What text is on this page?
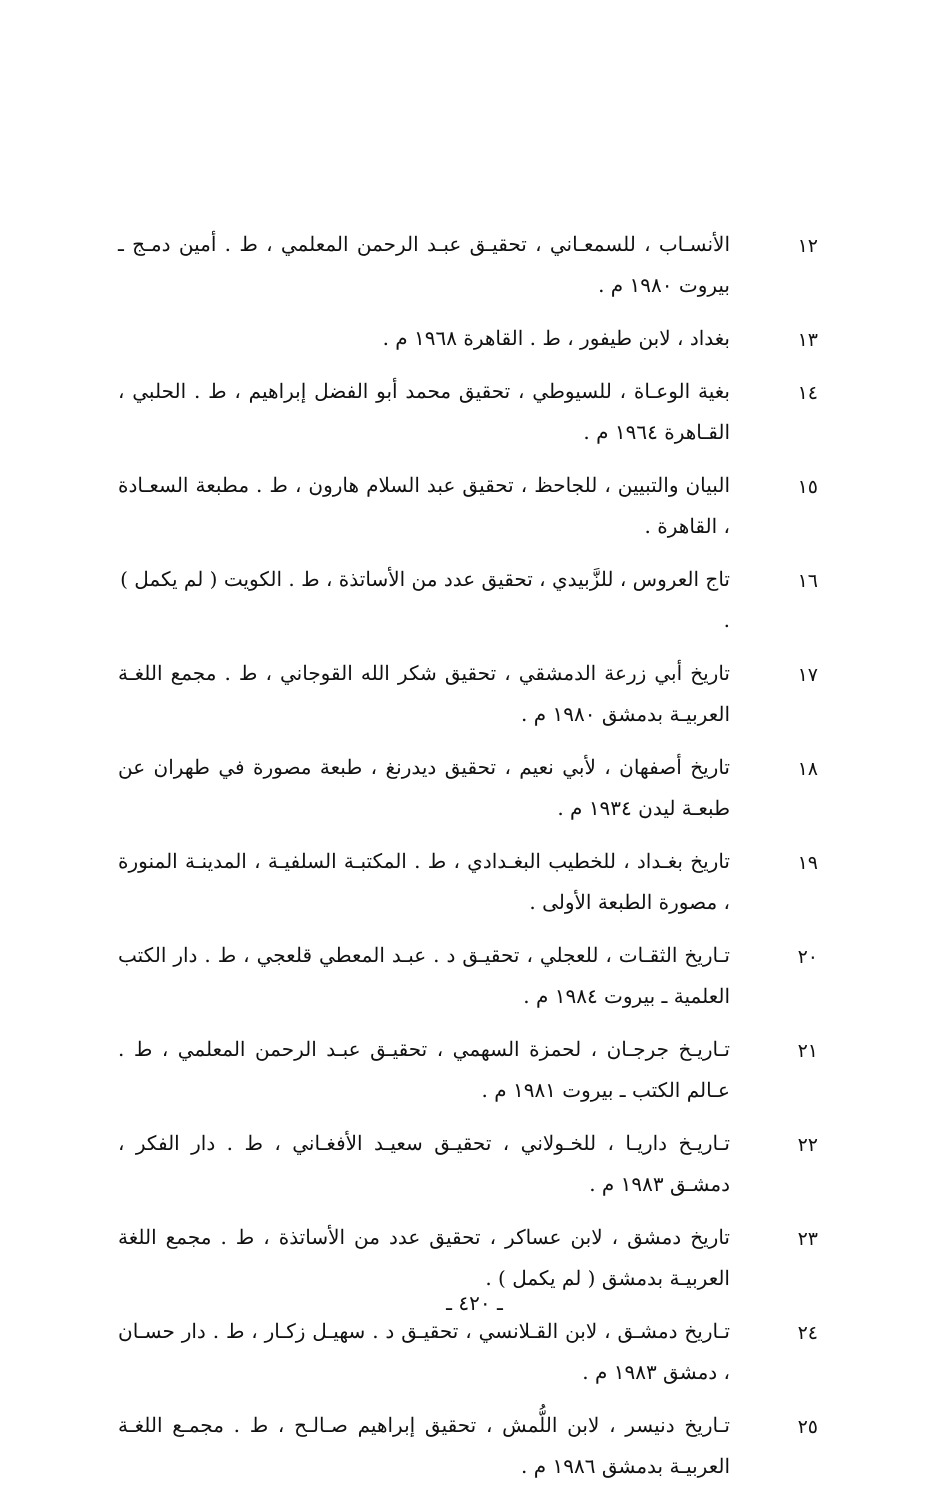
١٢
الأنسـاب ، للسمعـاني ، تحقيـق عبـد الرحمن المعلمي ، ط . أمين دمـج ـ بيروت ١٩٨٠ م .
١٣
بغداد ، لابن طيفور ، ط . القاهرة ١٩٦٨ م .
١٤
بغية الوعـاة ، للسيوطي ، تحقيق محمد أبو الفضل إبراهيم ، ط . الحلبي ، القـاهرة ١٩٦٤ م .
١٥
البيان والتبيين ، للجاحظ ، تحقيق عبد السلام هارون ، ط . مطبعة السعـادة ، القاهرة .
١٦
تاج العروس ، للزَّبيدي ، تحقيق عدد من الأساتذة ، ط . الكويت ( لم يكمل ) .
١٧
تاريخ أبي زرعة الدمشقي ، تحقيق شكر الله القوجاني ، ط . مجمع اللغـة العربيـة بدمشق ١٩٨٠ م .
١٨
تاريخ أصفهان ، لأبي نعيم ، تحقيق ديدرنغ ، طبعة مصورة في طهران عن طبعـة ليدن ١٩٣٤ م .
١٩
تاريخ بغـداد ، للخطيب البغـدادي ، ط . المكتبـة السلفيـة ، المدينـة المنورة ، مصورة الطبعة الأولى .
٢٠
تـاريخ الثقـات ، للعجلي ، تحقيـق د . عبـد المعطي قلعجي ، ط . دار الكتب العلمية ـ بيروت ١٩٨٤ م .
٢١
تـاريـخ جرجـان ، لحمزة السهمي ، تحقيـق عبـد الرحمن المعلمي ، ط . عـالم الكتب ـ بيروت ١٩٨١ م .
٢٢
تـاريـخ داريـا ، للخـولاني ، تحقيـق سعيـد الأفغـاني ، ط . دار الفكر ، دمشـق ١٩٨٣ م .
٢٣
تاريخ دمشق ، لابن عساكر ، تحقيق عدد من الأساتذة ، ط . مجمع اللغة العربيـة بدمشق ( لم يكمل ) .
٢٤
تـاريخ دمشـق ، لابن القـلانسي ، تحقيـق د . سهيـل زكـار ، ط . دار حسـان ، دمشق ١٩٨٣ م .
٢٥
تـاريخ دنيسر ، لابن اللُّمش ، تحقيق إبراهيم صـالـح ، ط . مجمـع اللغـة العربيـة بدمشق ١٩٨٦ م .
ـ ٤٢٠ ـ
